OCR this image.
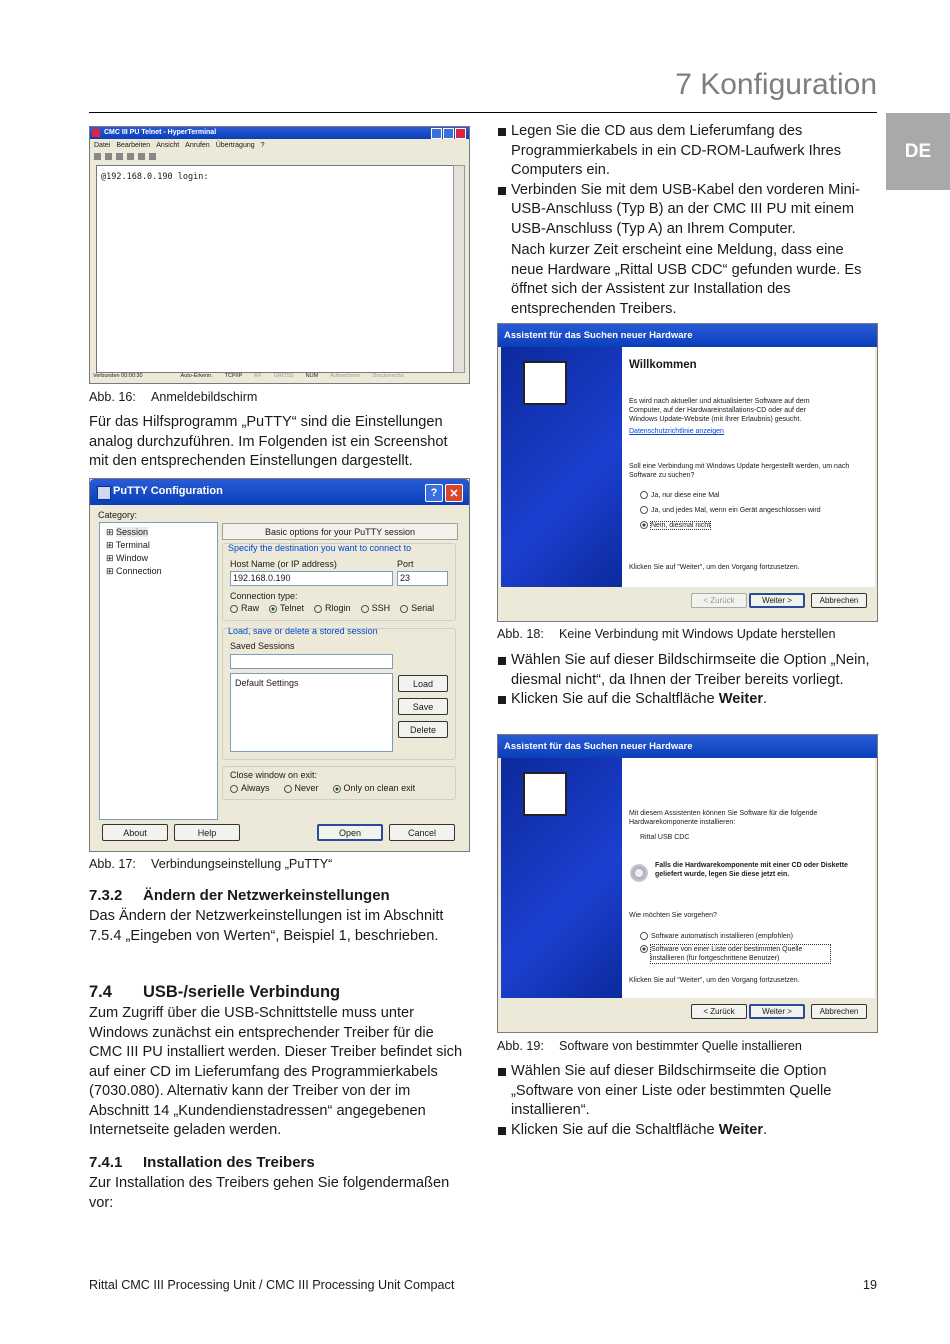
7 Konfiguration
DE
CMC III PU Telnet - HyperTerminal
Datei Bearbeiten Ansicht Anrufen Übertragung ?
@192.168.0.190 login:
Verbunden 00:00:30	Auto-Erkenn. TCP/IP RF GROSS NUM Aufzeichnen Druckerecho
Abb. 16: Anmeldebildschirm
Für das Hilfsprogramm „PuTTY“ sind die Einstellungen analog durchzuführen. Im Folgenden ist ein Screenshot mit den entsprechenden Einstellungen dargestellt.
PuTTY Configuration	?	✕
Category:
⊞ Session
⊞ Terminal
⊞ Window
⊞ Connection
Basic options for your PuTTY session
Specify the destination you want to connect to
Host Name (or IP address)	Port
192.168.0.190	23
Connection type:
Raw	Telnet	Rlogin	SSH	Serial
Load, save or delete a stored session
Saved Sessions
Default Settings	Load
Save
Delete
Close window on exit:
Always	Never	Only on clean exit
About	Help	Open	Cancel
Abb. 17: Verbindungseinstellung „PuTTY“
7.3.2 Ändern der Netzwerkeinstellungen
Das Ändern der Netzwerkeinstellungen ist im Abschnitt 7.5.4 „Eingeben von Werten“, Beispiel 1, beschrieben.
7.4 USB-/serielle Verbindung
Zum Zugriff über die USB-Schnittstelle muss unter Windows zunächst ein entsprechender Treiber für die CMC III PU installiert werden. Dieser Treiber befindet sich auf einer CD im Lieferumfang des Programmierkabels (7030.080). Alternativ kann der Treiber von der im Abschnitt 14 „Kundendienstadressen“ angegebenen Internetseite geladen werden.
7.4.1 Installation des Treibers
Zur Installation des Treibers gehen Sie folgendermaßen vor:
Legen Sie die CD aus dem Lieferumfang des Programmierkabels in ein CD-ROM-Laufwerk Ihres Computers ein.
Verbinden Sie mit dem USB-Kabel den vorderen Mini-USB-Anschluss (Typ B) an der CMC III PU mit einem USB-Anschluss (Typ A) an Ihrem Computer.
Nach kurzer Zeit erscheint eine Meldung, dass eine neue Hardware „Rittal USB CDC“ gefunden wurde. Es öffnet sich der Assistent zur Installation des entsprechenden Treibers.
Assistent für das Suchen neuer Hardware
Willkommen
Es wird nach aktueller und aktualisierter Software auf dem Computer, auf der Hardwareinstallations-CD oder auf der Windows Update-Website (mit Ihrer Erlaubnis) gesucht.
Datenschutzrichtlinie anzeigen
Soll eine Verbindung mit Windows Update hergestellt werden, um nach Software zu suchen?
Ja, nur diese eine Mal
Ja, und jedes Mal, wenn ein Gerät angeschlossen wird
Nein, diesmal nicht
Klicken Sie auf "Weiter", um den Vorgang fortzusetzen.
< Zurück	Weiter >	Abbrechen
Abb. 18: Keine Verbindung mit Windows Update herstellen
Wählen Sie auf dieser Bildschirmseite die Option „Nein, diesmal nicht“, da Ihnen der Treiber bereits vorliegt.
Klicken Sie auf die Schaltfläche Weiter.
Assistent für das Suchen neuer Hardware
Mit diesem Assistenten können Sie Software für die folgende Hardwarekomponente installieren:
Rittal USB CDC
Falls die Hardwarekomponente mit einer CD oder Diskette geliefert wurde, legen Sie diese jetzt ein.
Wie möchten Sie vorgehen?
Software automatisch installieren (empfohlen)
Software von einer Liste oder bestimmten Quelle installieren (für fortgeschrittene Benutzer)
Klicken Sie auf "Weiter", um den Vorgang fortzusetzen.
< Zurück	Weiter >	Abbrechen
Abb. 19: Software von bestimmter Quelle installieren
Wählen Sie auf dieser Bildschirmseite die Option „Software von einer Liste oder bestimmten Quelle installieren“.
Klicken Sie auf die Schaltfläche Weiter.
Rittal CMC III Processing Unit / CMC III Processing Unit Compact	19
